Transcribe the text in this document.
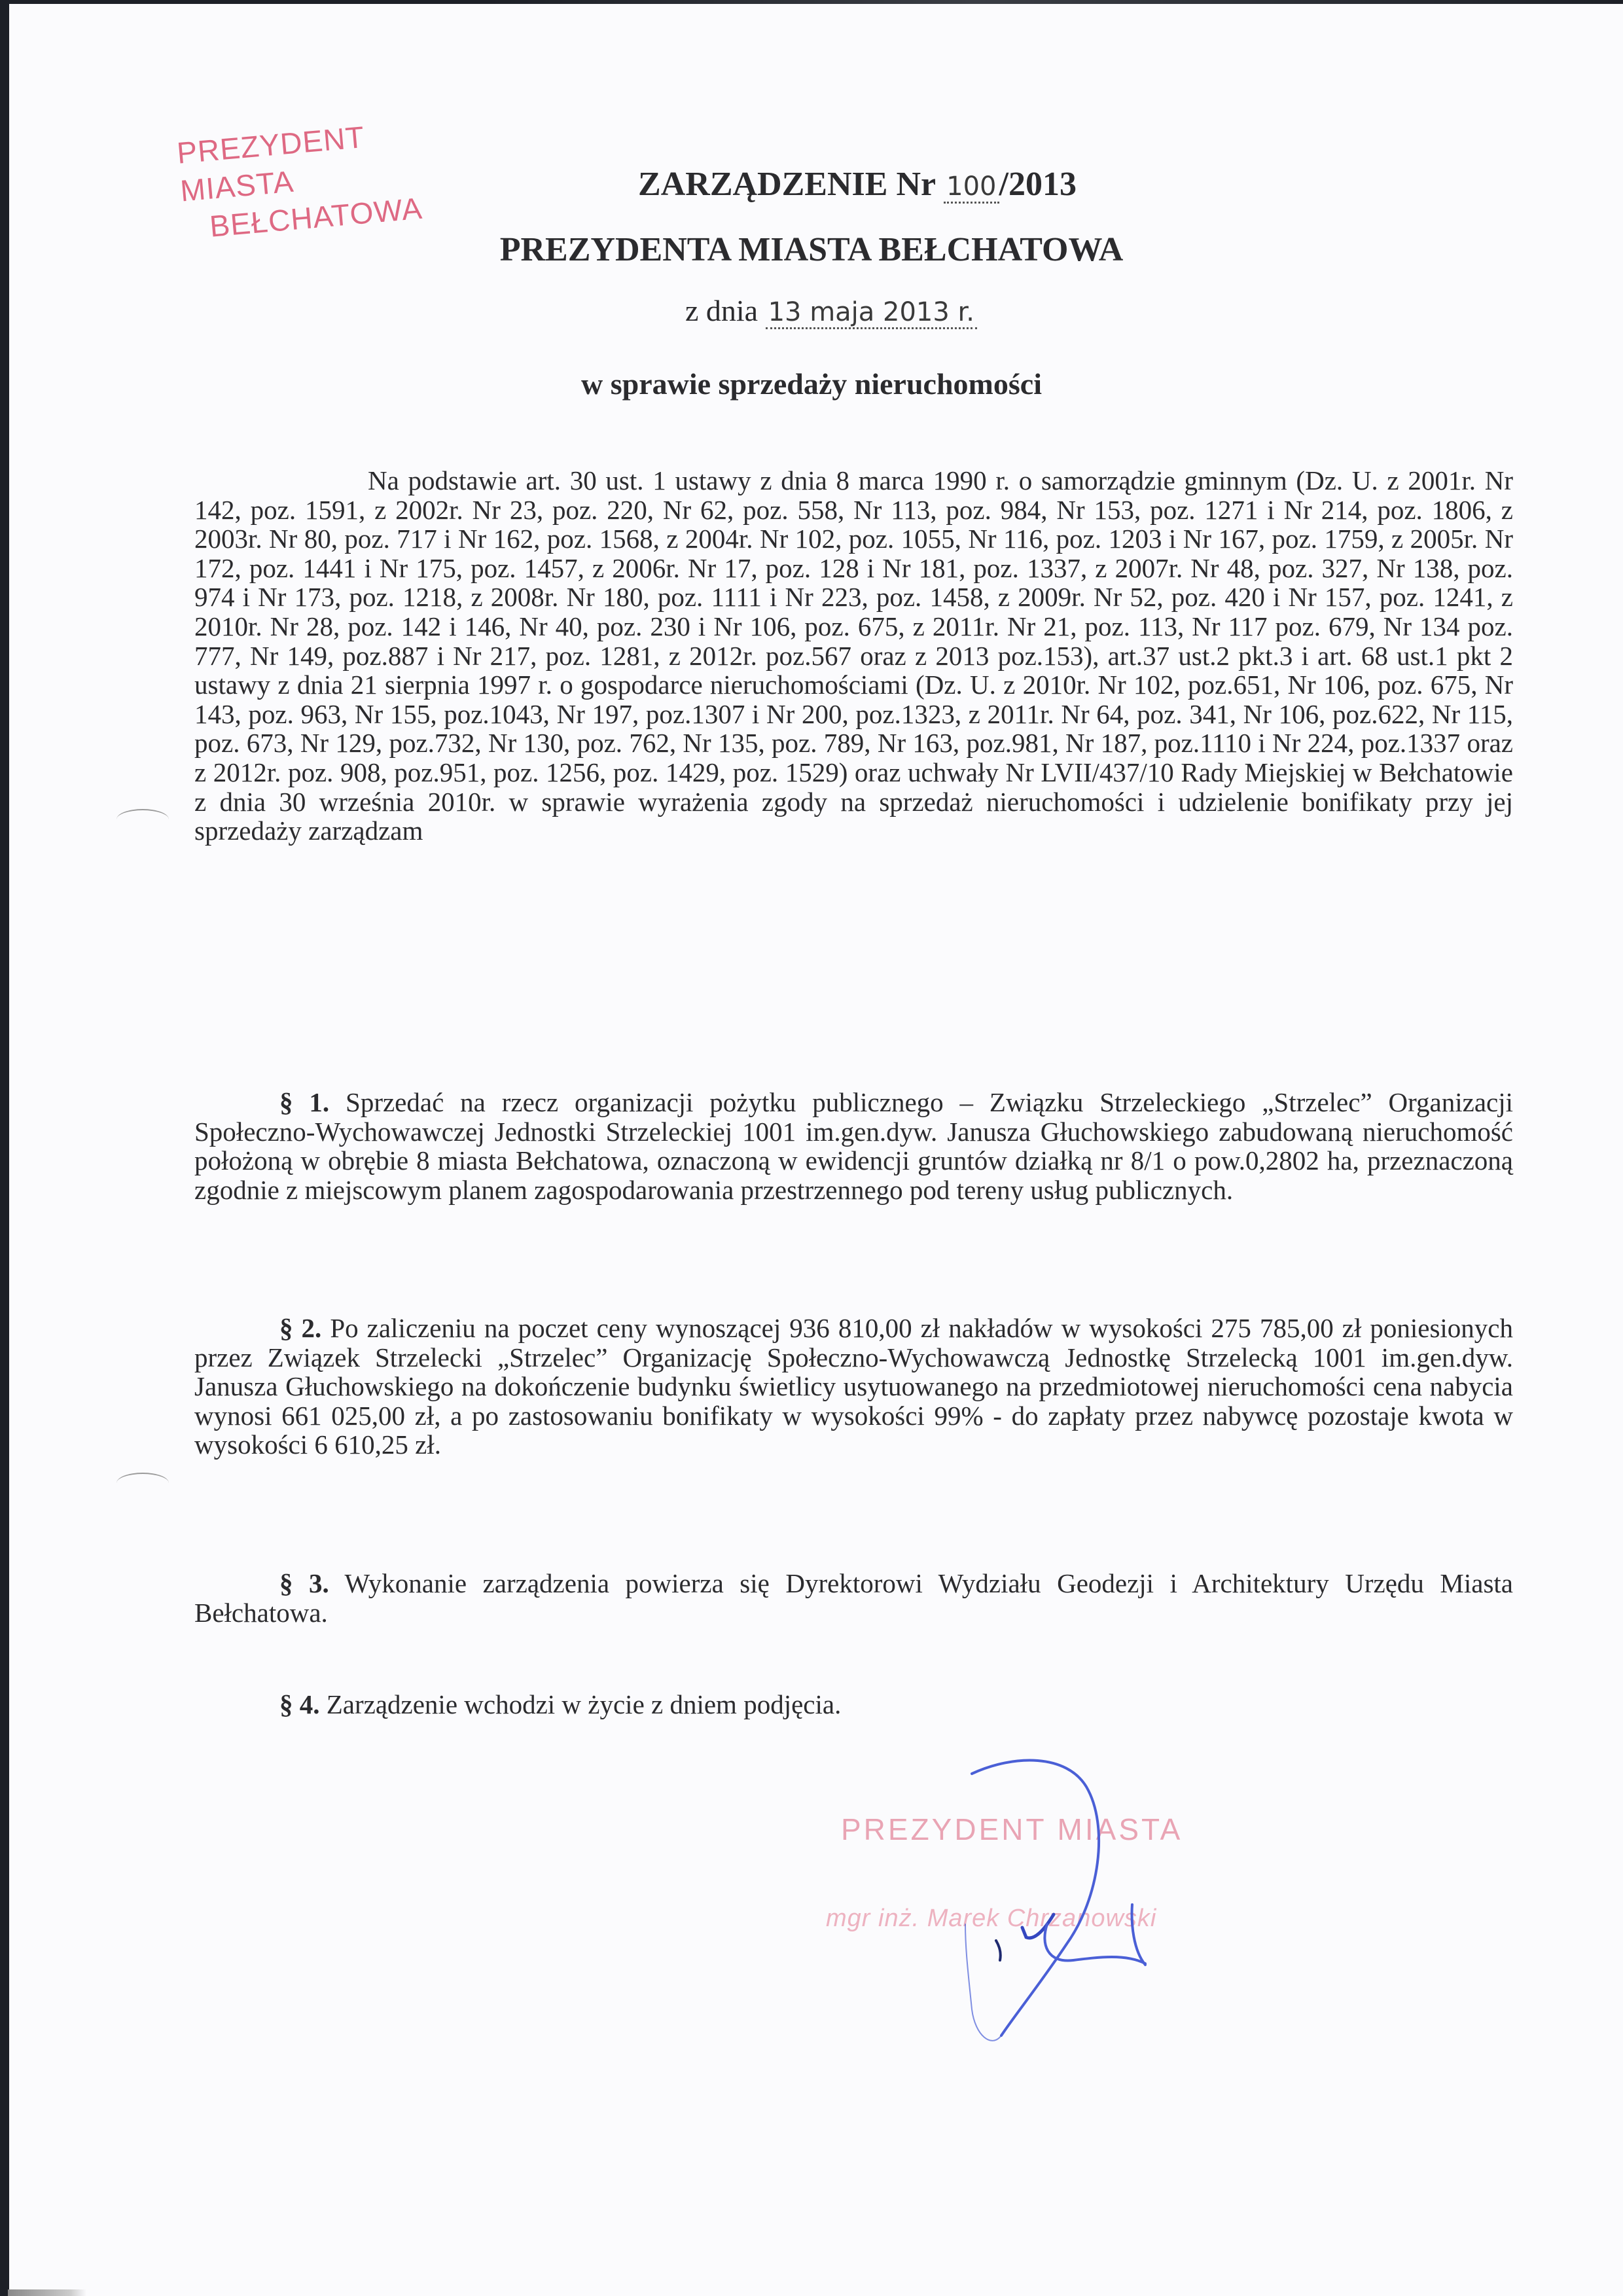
PREZYDENT MIASTA
BEŁCHATOWA
ZARZĄDZENIE Nr 100/2013
PREZYDENTA MIASTA BEŁCHATOWA
z dnia 13 maja 2013 r.
w sprawie sprzedaży nieruchomości
Na podstawie art. 30 ust. 1 ustawy z dnia 8 marca 1990 r. o samorządzie gminnym (Dz. U. z 2001r. Nr 142, poz. 1591, z 2002r. Nr 23, poz. 220, Nr 62, poz. 558, Nr 113, poz. 984, Nr 153, poz. 1271 i Nr 214, poz. 1806, z 2003r. Nr 80, poz. 717 i Nr 162, poz. 1568, z 2004r. Nr 102, poz. 1055, Nr 116, poz. 1203 i Nr 167, poz. 1759, z 2005r. Nr 172, poz. 1441 i Nr 175, poz. 1457, z 2006r. Nr 17, poz. 128 i Nr 181, poz. 1337, z 2007r. Nr 48, poz. 327, Nr 138, poz. 974 i Nr 173, poz. 1218, z 2008r. Nr 180, poz. 1111 i Nr 223, poz. 1458, z 2009r. Nr 52, poz. 420 i Nr 157, poz. 1241, z 2010r. Nr 28, poz. 142 i 146, Nr 40, poz. 230 i Nr 106, poz. 675, z 2011r. Nr 21, poz. 113, Nr 117 poz. 679, Nr 134 poz. 777, Nr 149, poz.887 i Nr 217, poz. 1281, z 2012r. poz.567 oraz z 2013 poz.153), art.37 ust.2 pkt.3 i art. 68 ust.1 pkt 2 ustawy z dnia 21 sierpnia 1997 r. o gospodarce nieruchomościami (Dz. U. z 2010r. Nr 102, poz.651, Nr 106, poz. 675, Nr 143, poz. 963, Nr 155, poz.1043, Nr 197, poz.1307 i Nr 200, poz.1323, z 2011r. Nr 64, poz. 341, Nr 106, poz.622, Nr 115, poz. 673, Nr 129, poz.732, Nr 130, poz. 762, Nr 135, poz. 789, Nr 163, poz.981, Nr 187, poz.1110 i Nr 224, poz.1337 oraz z 2012r. poz. 908, poz.951, poz. 1256, poz. 1429, poz. 1529) oraz uchwały Nr LVII/437/10 Rady Miejskiej w Bełchatowie z dnia 30 września 2010r. w sprawie wyrażenia zgody na sprzedaż nieruchomości i udzielenie bonifikaty przy jej sprzedaży zarządzam
§ 1. Sprzedać na rzecz organizacji pożytku publicznego – Związku Strzeleckiego „Strzelec” Organizacji Społeczno-Wychowawczej Jednostki Strzeleckiej 1001 im.gen.dyw. Janusza Głuchowskiego zabudowaną nieruchomość położoną w obrębie 8 miasta Bełchatowa, oznaczoną w ewidencji gruntów działką nr 8/1 o pow.0,2802 ha, przeznaczoną zgodnie z miejscowym planem zagospodarowania przestrzennego pod tereny usług publicznych.
§ 2. Po zaliczeniu na poczet ceny wynoszącej 936 810,00 zł nakładów w wysokości 275 785,00 zł poniesionych przez Związek Strzelecki „Strzelec” Organizację Społeczno-Wychowawczą Jednostkę Strzelecką 1001 im.gen.dyw. Janusza Głuchowskiego na dokończenie budynku świetlicy usytuowanego na przedmiotowej nieruchomości cena nabycia wynosi 661 025,00 zł, a po zastosowaniu bonifikaty w wysokości 99% - do zapłaty przez nabywcę pozostaje kwota w wysokości 6 610,25 zł.
§ 3. Wykonanie zarządzenia powierza się Dyrektorowi Wydziału Geodezji i Architektury Urzędu Miasta Bełchatowa.
§ 4. Zarządzenie wchodzi w życie z dniem podjęcia.
PREZYDENT MIASTA
mgr inż. Marek Chrzanowski
